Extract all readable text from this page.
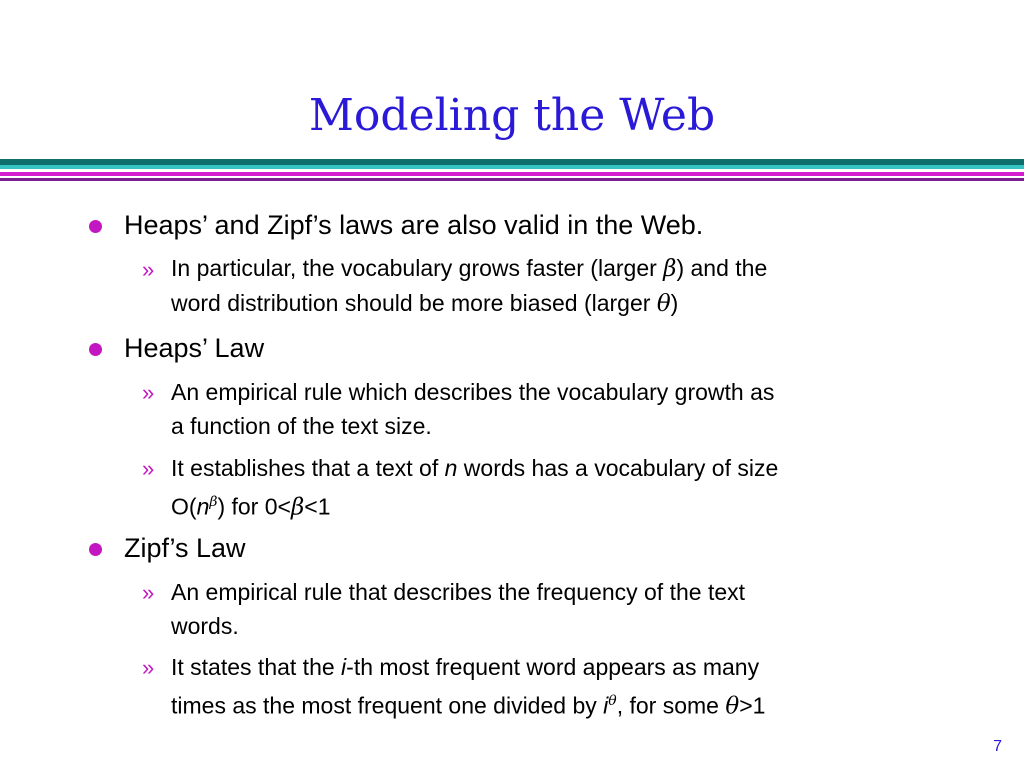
Modeling the Web
Heaps’ and Zipf’s laws are also valid in the Web.
» In particular, the vocabulary grows faster (larger β) and the
word distribution should be more biased (larger θ)
Heaps’ Law
» An empirical rule which describes the vocabulary growth as
a function of the text size.
» It establishes that a text of n words has a vocabulary of size
$O(n^\beta)$ for 0<β<1
Zipf’s Law
» An empirical rule that describes the frequency of the text
words.
» It states that the i-th most frequent word appears as many
times as the most frequent one divided by $i^\theta$, for some θ>1
7
